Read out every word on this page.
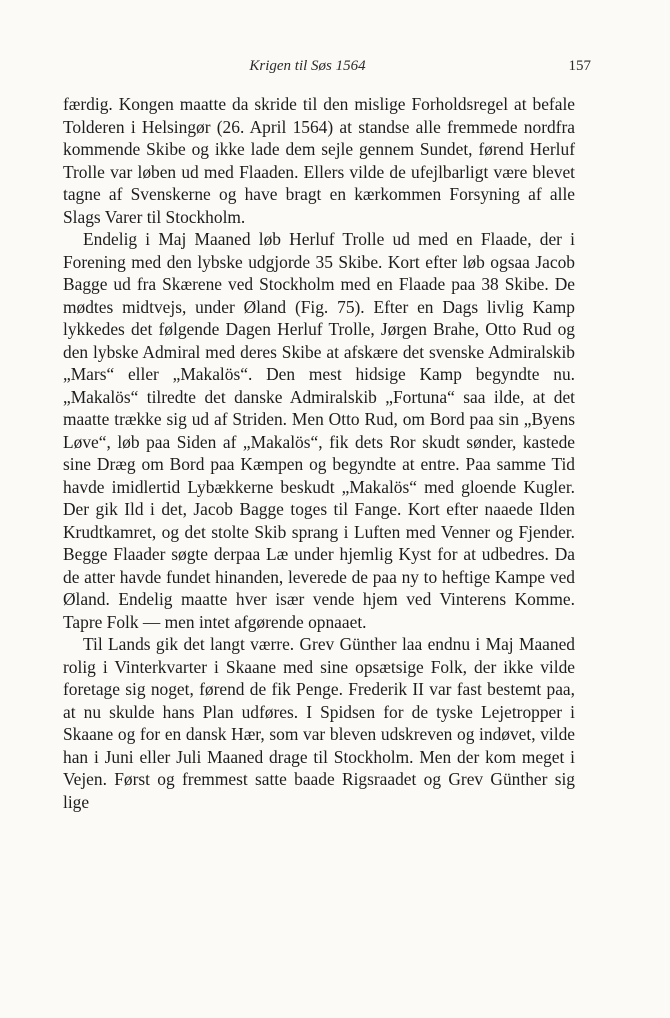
Krigen til Søs 1564	157

færdig. Kongen maatte da skride til den mislige Forholdsregel at befale Tolderen i Helsingør (26. April 1564) at standse alle fremmede nordfra kommende Skibe og ikke lade dem sejle gennem Sundet, førend Herluf Trolle var løben ud med Flaaden. Ellers vilde de ufejlbarligt være blevet tagne af Svenskerne og have bragt en kærkommen Forsyning af alle Slags Varer til Stockholm.

Endelig i Maj Maaned løb Herluf Trolle ud med en Flaade, der i Forening med den lybske udgjorde 35 Skibe. Kort efter løb ogsaa Jacob Bagge ud fra Skærene ved Stockholm med en Flaade paa 38 Skibe. De mødtes midtvejs, under Øland (Fig. 75). Efter en Dags livlig Kamp lykkedes det følgende Dagen Herluf Trolle, Jørgen Brahe, Otto Rud og den lybske Admiral med deres Skibe at afskære det svenske Admiralskib „Mars“ eller „Makalös“. Den mest hidsige Kamp begyndte nu. „Makalös“ tilredte det danske Admiralskib „Fortuna“ saa ilde, at det maatte trække sig ud af Striden. Men Otto Rud, om Bord paa sin „Byens Løve“, løb paa Siden af „Makalös“, fik dets Ror skudt sønder, kastede sine Dræg om Bord paa Kæmpen og begyndte at entre. Paa samme Tid havde imidlertid Lybækkerne beskudt „Makalös“ med gloende Kugler. Der gik Ild i det, Jacob Bagge toges til Fange. Kort efter naaede Ilden Krudtkamret, og det stolte Skib sprang i Luften med Venner og Fjender. Begge Flaader søgte derpaa Læ under hjemlig Kyst for at udbedres. Da de atter havde fundet hinanden, leverede de paa ny to heftige Kampe ved Øland. Endelig maatte hver især vende hjem ved Vinterens Komme. Tapre Folk — men intet afgørende opnaaet.

Til Lands gik det langt værre. Grev Günther laa endnu i Maj Maaned rolig i Vinterkvarter i Skaane med sine opsætsige Folk, der ikke vilde foretage sig noget, førend de fik Penge. Frederik II var fast bestemt paa, at nu skulde hans Plan udføres. I Spidsen for de tyske Lejetropper i Skaane og for en dansk Hær, som var bleven udskreven og indøvet, vilde han i Juni eller Juli Maaned drage til Stockholm. Men der kom meget i Vejen. Først og fremmest satte baade Rigsraadet og Grev Günther sig lige
